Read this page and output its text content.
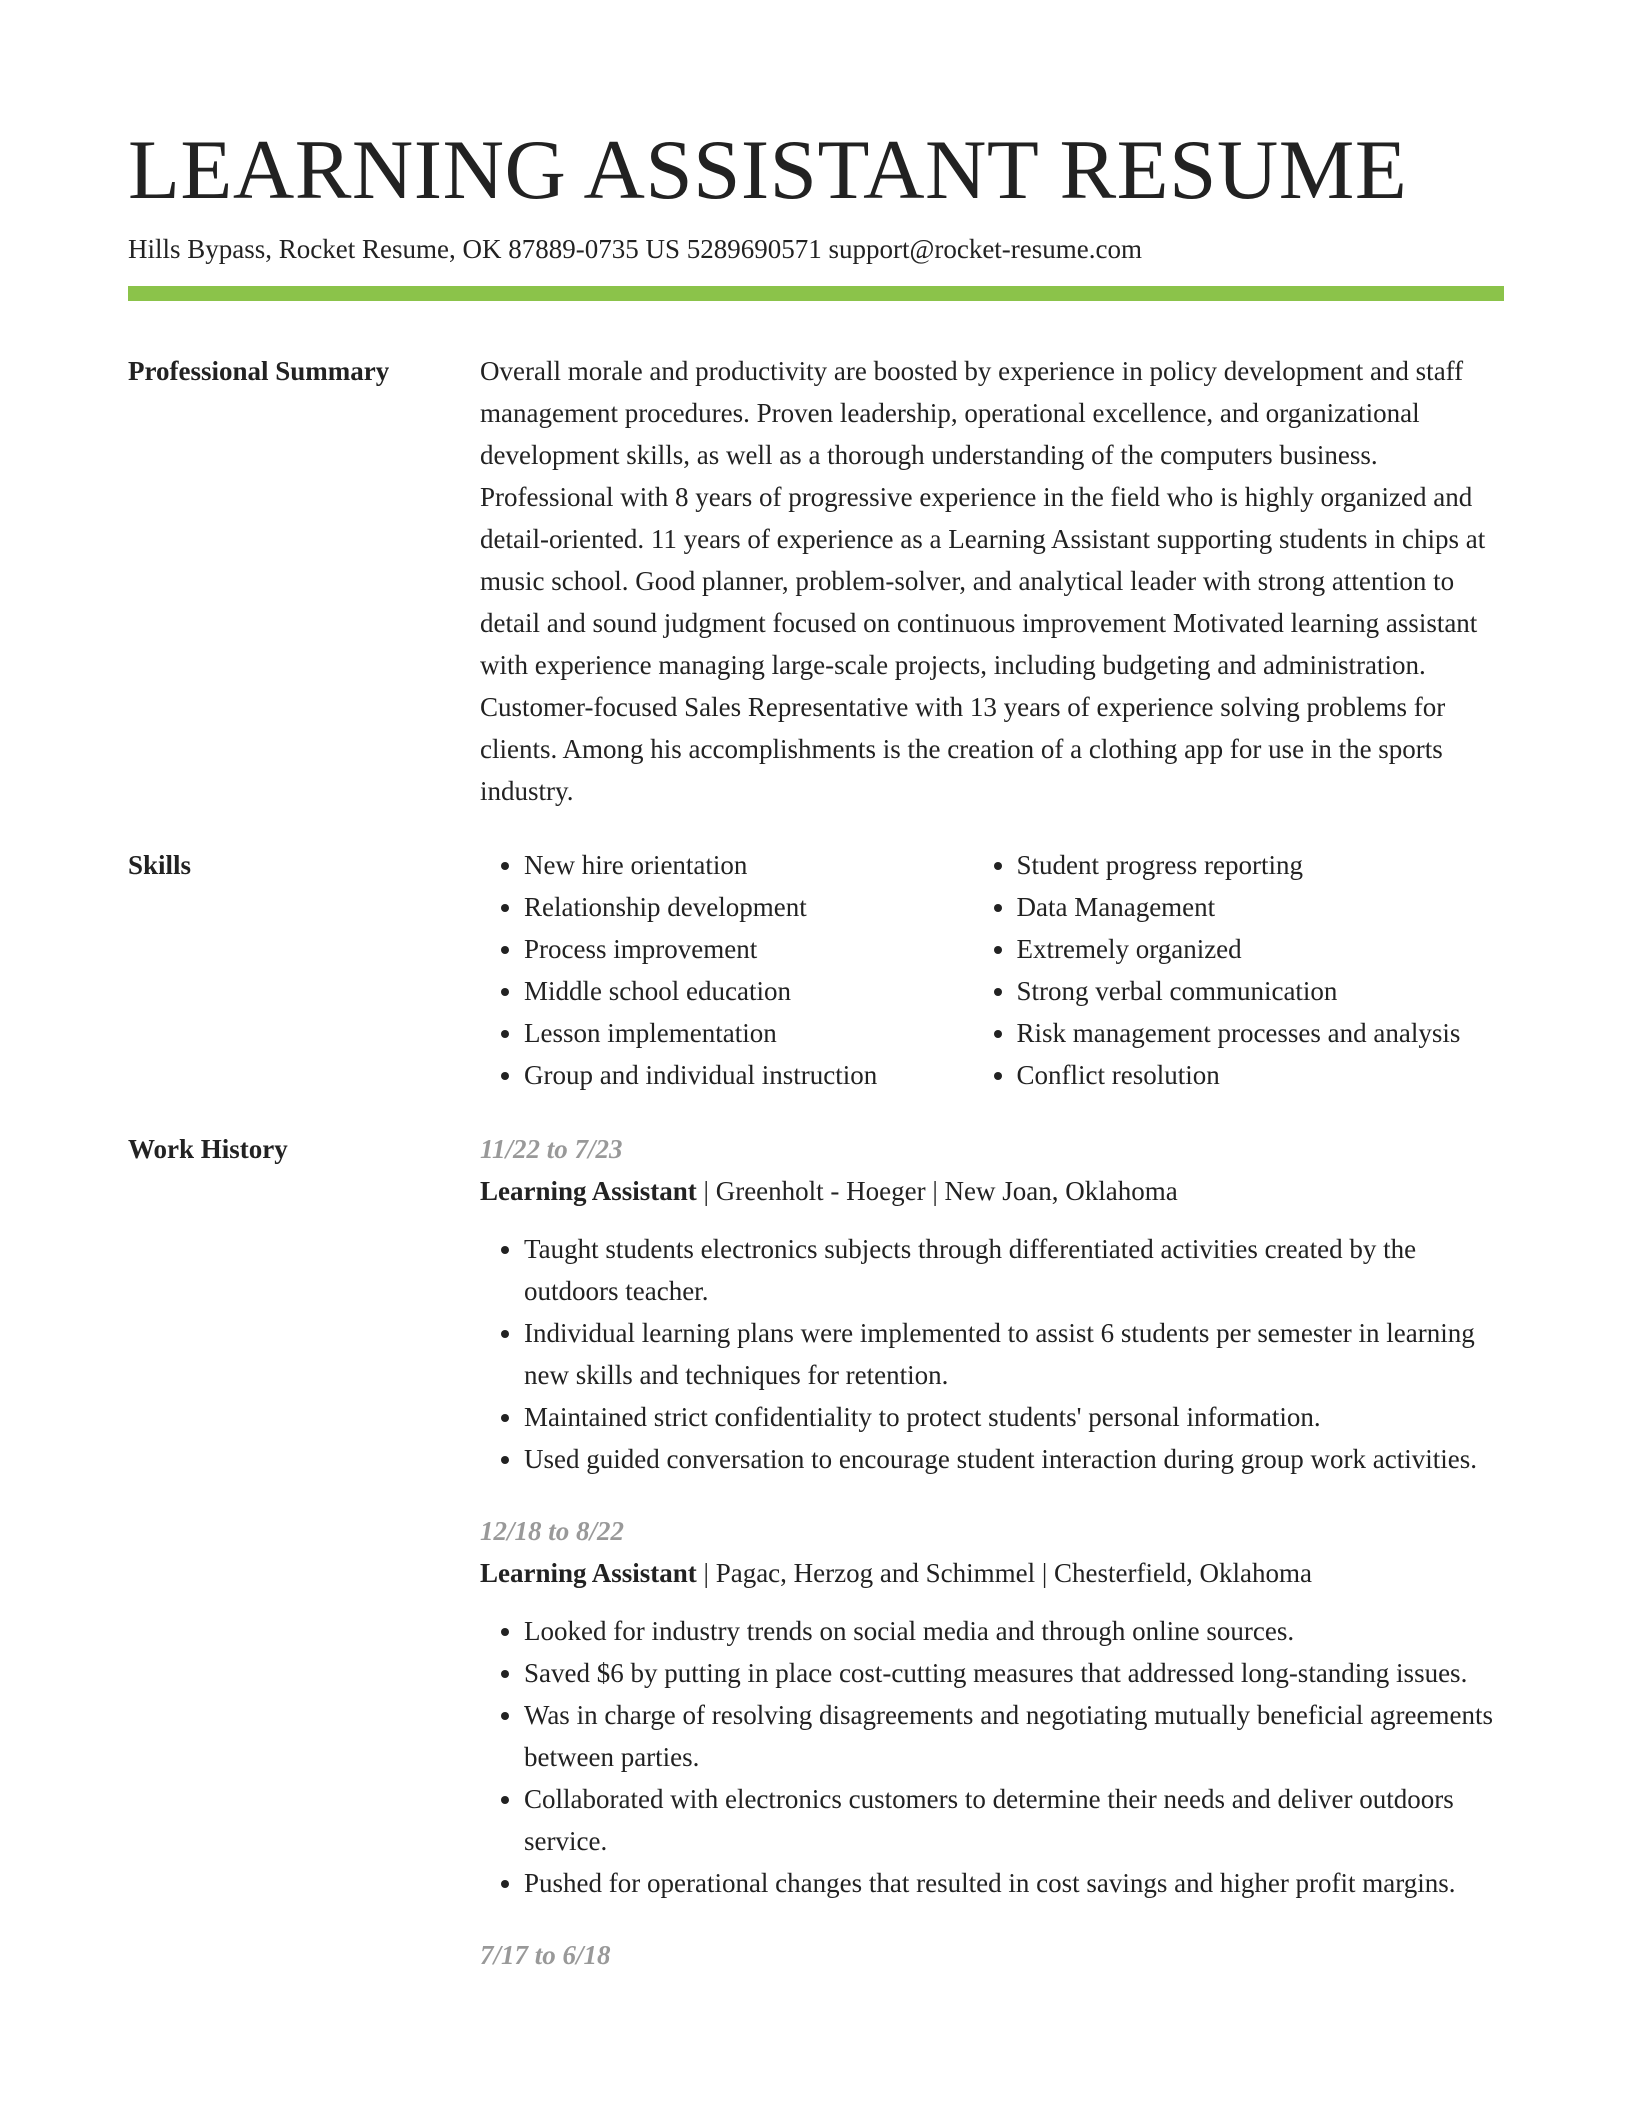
LEARNING ASSISTANT RESUME
Hills Bypass, Rocket Resume, OK 87889-0735 US 5289690571 support@rocket-resume.com
Professional Summary	Overall morale and productivity are boosted by experience in policy development and staff management procedures. Proven leadership, operational excellence, and organizational development skills, as well as a thorough understanding of the computers business. Professional with 8 years of progressive experience in the field who is highly organized and detail-oriented. 11 years of experience as a Learning Assistant supporting students in chips at music school. Good planner, problem-solver, and analytical leader with strong attention to detail and sound judgment focused on continuous improvement Motivated learning assistant with experience managing large-scale projects, including budgeting and administration. Customer-focused Sales Representative with 13 years of experience solving problems for clients. Among his accomplishments is the creation of a clothing app for use in the sports industry.

Skills
•	New hire orientation
• Relationship development
• Process improvement
• Middle school education
• Lesson implementation
• Group and individual instruction
• Student progress reporting
• Data Management
• Extremely organized
• Strong verbal communication
• Risk management processes and analysis
• Conflict resolution
Work History	11/22 to 7/23
Learning Assistant | Greenholt - Hoeger | New Joan, Oklahoma
• Taught students electronics subjects through differentiated activities created by the outdoors teacher.
• Individual learning plans were implemented to assist 6 students per semester in learning new skills and techniques for retention.
• Maintained strict confidentiality to protect students' personal information.
• Used guided conversation to encourage student interaction during group work activities.
12/18 to 8/22
Learning Assistant | Pagac, Herzog and Schimmel | Chesterfield, Oklahoma
• Looked for industry trends on social media and through online sources.
• Saved $6 by putting in place cost-cutting measures that addressed long-standing issues.
• Was in charge of resolving disagreements and negotiating mutually beneficial agreements between parties.
• Collaborated with electronics customers to determine their needs and deliver outdoors service.
• Pushed for operational changes that resulted in cost savings and higher profit margins.
7/17 to 6/18
